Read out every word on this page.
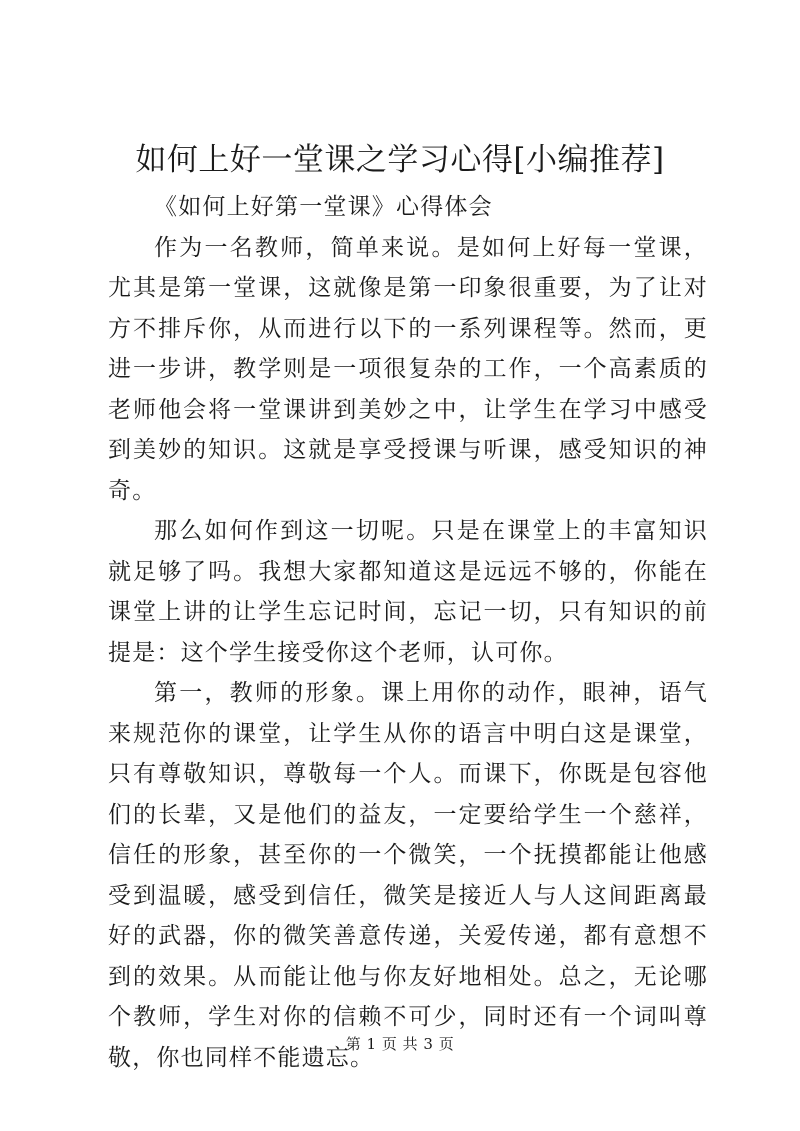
如何上好一堂课之学习心得[小编推荐]

《如何上好第一堂课》心得体会

作为一名教师，简单来说。是如何上好每一堂课，尤其是第一堂课，这就像是第一印象很重要，为了让对方不排斥你，从而进行以下的一系列课程等。然而，更进一步讲，教学则是一项很复杂的工作，一个高素质的老师他会将一堂课讲到美妙之中，让学生在学习中感受到美妙的知识。这就是享受授课与听课，感受知识的神奇。

那么如何作到这一切呢。只是在课堂上的丰富知识就足够了吗。我想大家都知道这是远远不够的，你能在课堂上讲的让学生忘记时间，忘记一切，只有知识的前提是：这个学生接受你这个老师，认可你。

第一，教师的形象。课上用你的动作，眼神，语气来规范你的课堂，让学生从你的语言中明白这是课堂，只有尊敬知识，尊敬每一个人。而课下，你既是包容他们的长辈，又是他们的益友，一定要给学生一个慈祥，信任的形象，甚至你的一个微笑，一个抚摸都能让他感受到温暖，感受到信任，微笑是接近人与人这间距离最好的武器，你的微笑善意传递，关爱传递，都有意想不到的效果。从而能让他与你友好地相处。总之，无论哪个教师，学生对你的信赖不可少，同时还有一个词叫尊敬，你也同样不能遗忘。

第 1 页 共 3 页
